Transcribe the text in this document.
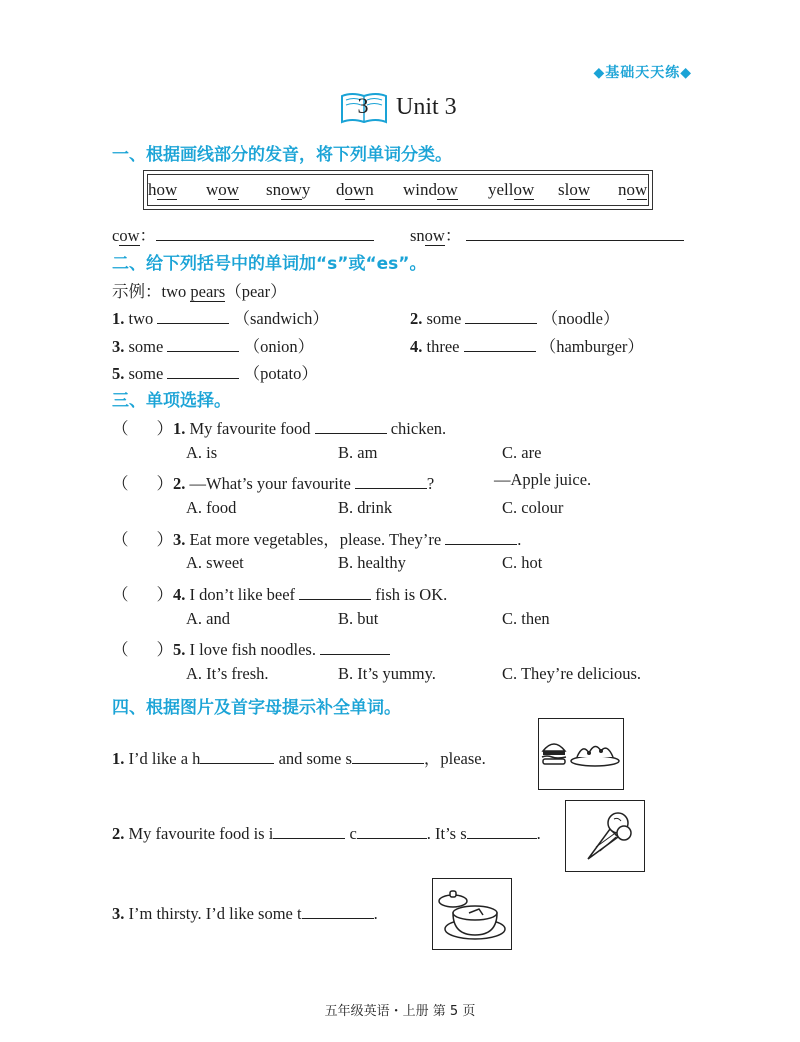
◆基础天天练◆
3	Unit 3
一、根据画线部分的发音，将下列单词分类。
how wow snowy down window yellow slow now
cow：	snow：
二、给下列括号中的单词加“s”或“es”。
示例：two pears（pear）
1. two	（sandwich）	2. some	（noodle）
3. some	（onion）	4. three	（hamburger）
5. some	（potato）
三、单项选择。
（ ）1. My favourite food	chicken.
A. is	B. am	C. are
（ ）2. —What’s your favourite	?	—Apple juice.
A. food	B. drink	C. colour
（ ）3. Eat more vegetables，please. They’re	.
A. sweet	B. healthy	C. hot
（ ）4. I don’t like beef	fish is OK.
A. and	B. but	C. then
（ ）5. I love fish noodles.
A. It’s fresh.	B. It’s yummy.	C. They’re delicious.
四、根据图片及首字母提示补全单词。
1. I’d like a h	and some s	，please.
2. My favourite food is i	c	. It’s s	.
3. I’m thirsty. I’d like some t	.
五年级英语・上册 第 5 页
